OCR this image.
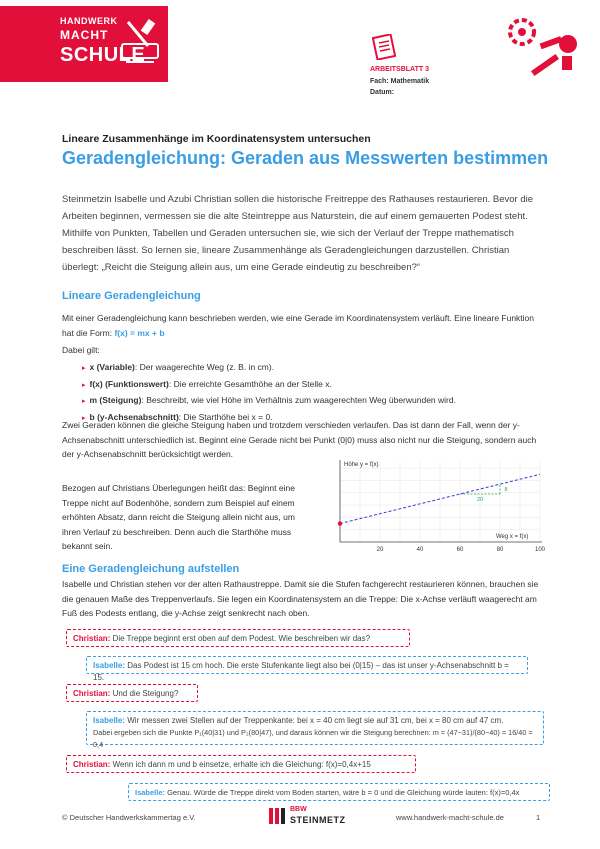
HANDWERK
MACHT
SCHULE
ARBEITSBLATT 3
Fach: Mathematik
Datum:
Lineare Zusammenhänge im Koordinatensystem untersuchen
Geradengleichung: Geraden aus Messwerten bestimmen
Steinmetzin Isabelle und Azubi Christian sollen die historische Freitreppe des Rathauses restaurieren. Bevor die Arbeiten beginnen, vermessen sie die alte Steintreppe aus Naturstein, die auf einem gemauerten Podest steht. Mithilfe von Punkten, Tabellen und Geraden untersuchen sie, wie sich der Verlauf der Treppe mathematisch beschreiben lässt. So lernen sie, lineare Zusammenhänge als Geradengleichungen darzustellen. Christian überlegt: „Reicht die Steigung allein aus, um eine Gerade eindeutig zu beschreiben?“
Lineare Geradengleichung
Mit einer Geradengleichung kann beschrieben werden, wie eine Gerade im Koordinatensystem verläuft. Eine lineare Funktion hat die Form: f(x) = mx + b
Dabei gilt:
▸ x (Variable): Der waagerechte Weg (z. B. in cm).
▸ f(x) (Funktionswert): Die erreichte Gesamthöhe an der Stelle x.
▸ m (Steigung): Beschreibt, wie viel Höhe im Verhältnis zum waagerechten Weg überwunden wird.
▸ b (y-Achsenabschnitt): Die Starthöhe bei x = 0.
Zwei Geraden können die gleiche Steigung haben und trotzdem verschieden verlaufen. Das ist dann der Fall, wenn der y-Achsenabschnitt unterschiedlich ist. Beginnt eine Gerade nicht bei Punkt (0|0) muss also nicht nur die Steigung, sondern auch der y-Achsenabschnitt berücksichtigt werden.
Bezogen auf Christians Überlegungen heißt das: Beginnt eine Treppe nicht auf Bodenhöhe, sondern zum Beispiel auf einem erhöhten Absatz, dann reicht die Steigung allein nicht aus, um ihren Verlauf zu beschreiben. Denn auch die Starthöhe muss bekannt sein.
Höhe y = f(x)
Weg x = f(x)
20	40	60	80	100
20
8
Eine Geradengleichung aufstellen
Isabelle und Christian stehen vor der alten Rathaustreppe. Damit sie die Stufen fachgerecht restaurieren können, brauchen sie die genauen Maße des Treppenverlaufs. Sie legen ein Koordinatensystem an die Treppe: Die x-Achse verläuft waagerecht am Fuß des Podests entlang, die y-Achse zeigt senkrecht nach oben.
Christian: Die Treppe beginnt erst oben auf dem Podest. Wie beschreiben wir das?
Isabelle: Das Podest ist 15 cm hoch. Die erste Stufenkante liegt also bei (0|15) – das ist unser y-Achsenabschnitt b = 15.
Christian: Und die Steigung?
Isabelle: Wir messen zwei Stellen auf der Treppenkante: bei x = 40 cm liegt sie auf 31 cm, bei x = 80 cm auf 47 cm.
Dabei ergeben sich die Punkte P₁(40|31) und P₂(80|47), und daraus können wir die Steigung berechnen: m = (47−31)/(80−40) = 16/40 = 0,4
Christian: Wenn ich dann m und b einsetze, erhalte ich die Gleichung: f(x)=0,4x+15
Isabelle: Genau. Würde die Treppe direkt vom Boden starten, wäre b = 0 und die Gleichung würde lauten: f(x)=0,4x
© Deutscher Handwerkskammertag e.V.
BBW
STEINMETZ	www.handwerk-macht-schule.de	1
